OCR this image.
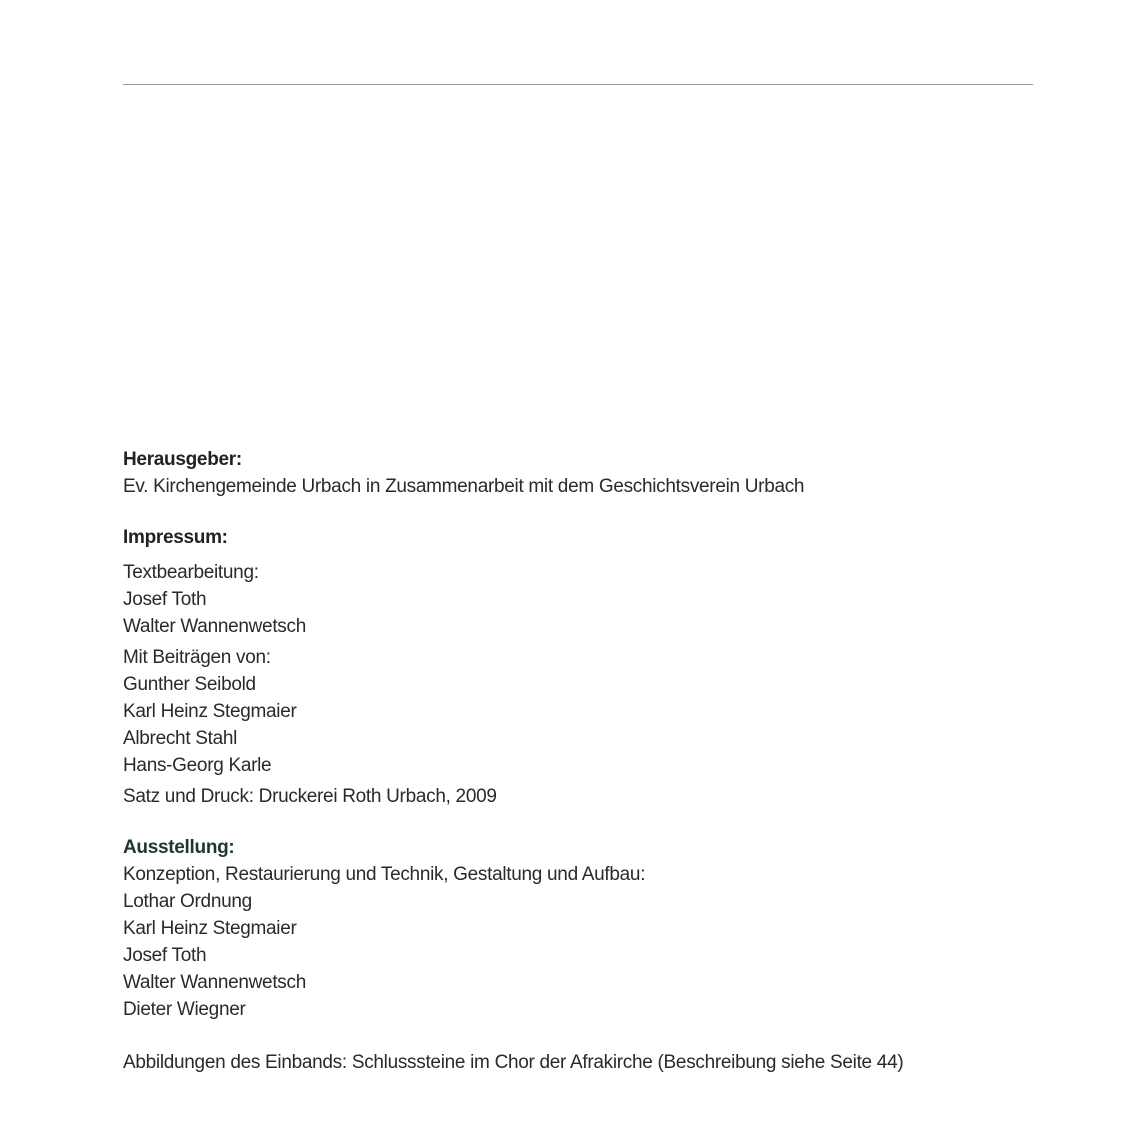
Herausgeber:
Ev. Kirchengemeinde Urbach in Zusammenarbeit mit dem Geschichtsverein Urbach
Impressum:
Textbearbeitung:
Josef Toth
Walter Wannenwetsch
Mit Beiträgen von:
Gunther Seibold
Karl Heinz Stegmaier
Albrecht Stahl
Hans-Georg Karle
Satz und Druck: Druckerei Roth Urbach, 2009
Ausstellung:
Konzeption, Restaurierung und Technik, Gestaltung und Aufbau:
Lothar Ordnung
Karl Heinz Stegmaier
Josef Toth
Walter Wannenwetsch
Dieter Wiegner
Abbildungen des Einbands: Schlusssteine im Chor der Afrakirche (Beschreibung siehe Seite 44)
